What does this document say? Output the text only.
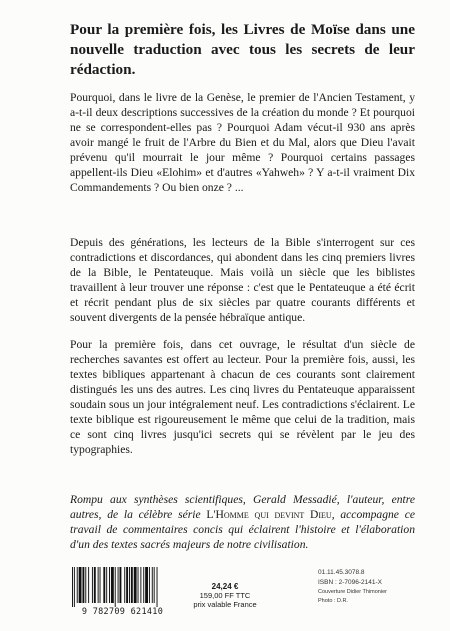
Pour la première fois, les Livres de Moïse dans une nouvelle traduction avec tous les secrets de leur rédaction.
Pourquoi, dans le livre de la Genèse, le premier de l'Ancien Testament, y a-t-il deux descriptions successives de la création du monde ? Et pourquoi ne se correspondent-elles pas ? Pourquoi Adam vécut-il 930 ans après avoir mangé le fruit de l'Arbre du Bien et du Mal, alors que Dieu l'avait prévenu qu'il mourrait le jour même ? Pourquoi certains passages appellent-ils Dieu «Elohim» et d'autres «Yahweh» ? Y a-t-il vraiment Dix Commandements ? Ou bien onze ? ...
Depuis des générations, les lecteurs de la Bible s'interrogent sur ces contradictions et discordances, qui abondent dans les cinq premiers livres de la Bible, le Pentateuque. Mais voilà un siècle que les biblistes travaillent à leur trouver une réponse : c'est que le Pentateuque a été écrit et récrit pendant plus de six siècles par quatre courants différents et souvent divergents de la pensée hébraïque antique.
Pour la première fois, dans cet ouvrage, le résultat d'un siècle de recherches savantes est offert au lecteur. Pour la première fois, aussi, les textes bibliques appartenant à chacun de ces courants sont clairement distingués les uns des autres. Les cinq livres du Pentateuque apparaissent soudain sous un jour intégralement neuf. Les contradictions s'éclairent. Le texte biblique est rigoureusement le même que celui de la tradition, mais ce sont cinq livres jusqu'ici secrets qui se révèlent par le jeu des typographies.
Rompu aux synthèses scientifiques, Gerald Messadié, l'auteur, entre autres, de la célèbre série L'Homme qui devint Dieu, accompagne ce travail de commentaires concis qui éclairent l'histoire et l'élaboration d'un des textes sacrés majeurs de notre civilisation.
9 782709 621410
24,24 €
159,00 FF TTC
prix valable France
01.11.45.3078.8
ISBN : 2-7096-2141-X
Couverture Didier Thimonier
Photo : D.R.
